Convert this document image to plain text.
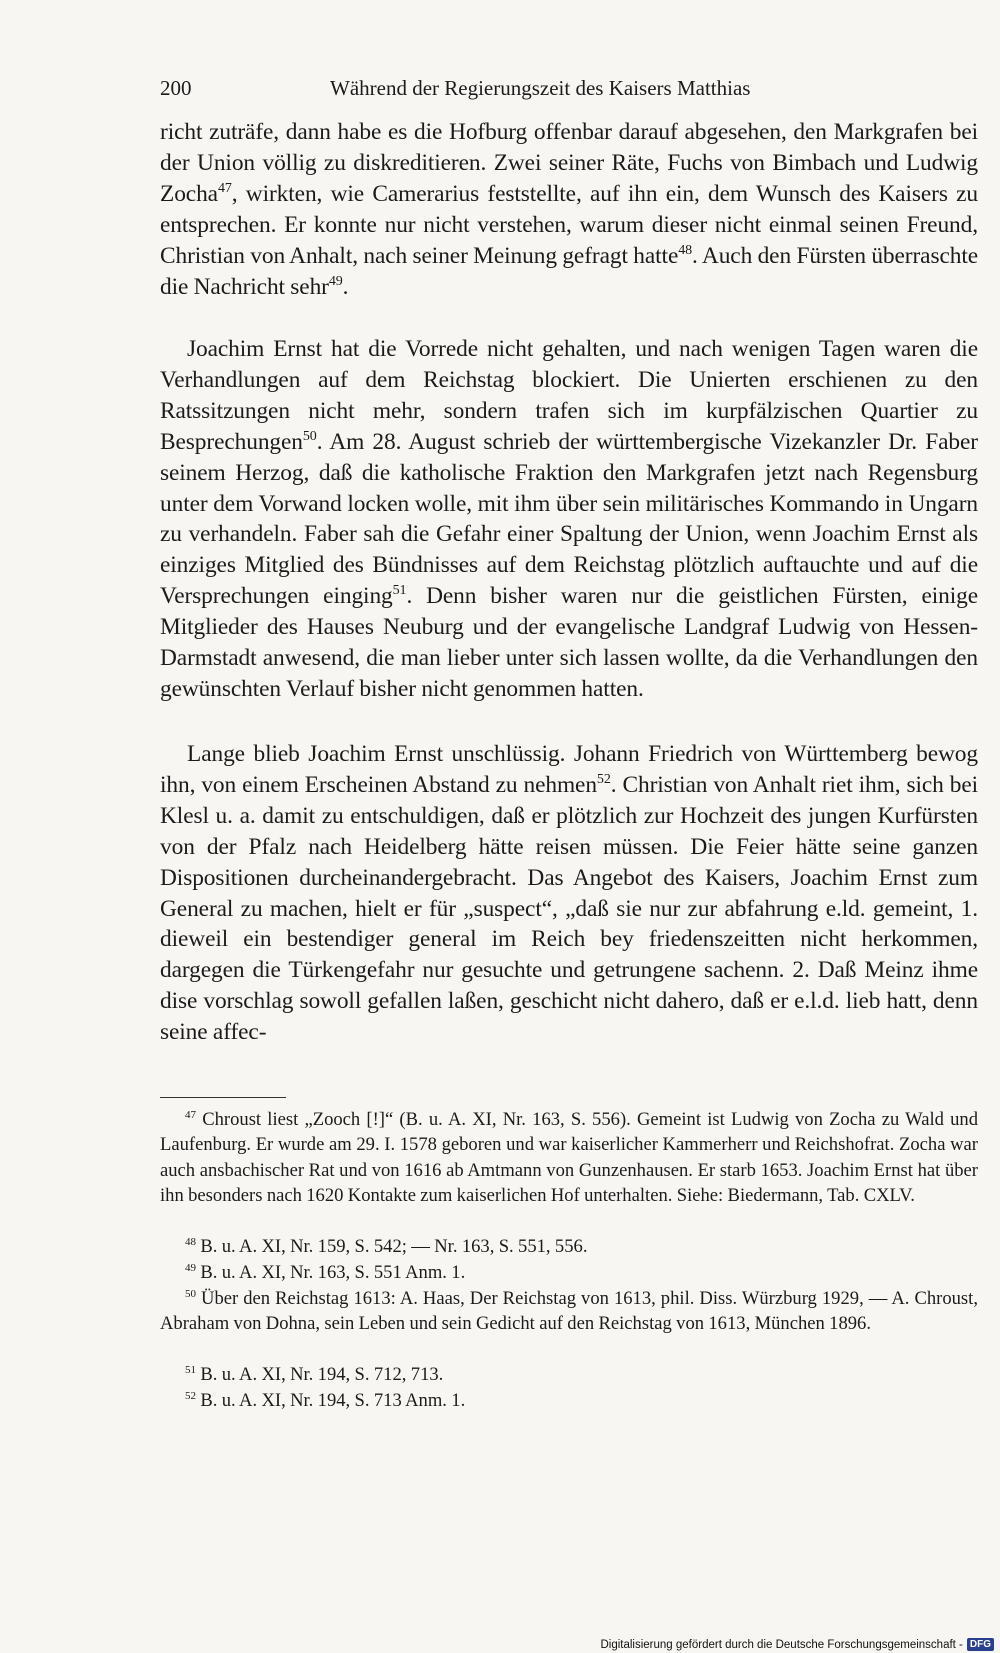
200	Während der Regierungszeit des Kaisers Matthias

richt zuträfe, dann habe es die Hofburg offenbar darauf abgesehen, den Markgrafen bei der Union völlig zu diskreditieren. Zwei seiner Räte, Fuchs von Bimbach und Ludwig Zocha$^{47}$, wirkten, wie Camerarius feststellte, auf ihn ein, dem Wunsch des Kaisers zu entsprechen. Er konnte nur nicht verstehen, warum dieser nicht einmal seinen Freund, Christian von Anhalt, nach seiner Meinung gefragt hatte$^{48}$. Auch den Fürsten überraschte die Nachricht sehr$^{49}$.

Joachim Ernst hat die Vorrede nicht gehalten, und nach wenigen Tagen waren die Verhandlungen auf dem Reichstag blockiert. Die Unierten erschienen zu den Ratssitzungen nicht mehr, sondern trafen sich im kurpfälzischen Quartier zu Besprechungen$^{50}$. Am 28. August schrieb der württembergische Vizekanzler Dr. Faber seinem Herzog, daß die katholische Fraktion den Markgrafen jetzt nach Regensburg unter dem Vorwand locken wolle, mit ihm über sein militärisches Kommando in Ungarn zu verhandeln. Faber sah die Gefahr einer Spaltung der Union, wenn Joachim Ernst als einziges Mitglied des Bündnisses auf dem Reichstag plötzlich auftauchte und auf die Versprechungen einging$^{51}$. Denn bisher waren nur die geistlichen Fürsten, einige Mitglieder des Hauses Neuburg und der evangelische Landgraf Ludwig von Hessen-Darmstadt anwesend, die man lieber unter sich lassen wollte, da die Verhandlungen den gewünschten Verlauf bisher nicht genommen hatten.

Lange blieb Joachim Ernst unschlüssig. Johann Friedrich von Württemberg bewog ihn, von einem Erscheinen Abstand zu nehmen$^{52}$. Christian von Anhalt riet ihm, sich bei Klesl u. a. damit zu entschuldigen, daß er plötzlich zur Hochzeit des jungen Kurfürsten von der Pfalz nach Heidelberg hätte reisen müssen. Die Feier hätte seine ganzen Dispositionen durcheinandergebracht. Das Angebot des Kaisers, Joachim Ernst zum General zu machen, hielt er für „suspect“, „daß sie nur zur abfahrung e.ld. gemeint, 1. dieweil ein bestendiger general im Reich bey friedenszeitten nicht herkommen, dargegen die Türkengefahr nur gesuchte und getrungene sachenn. 2. Daß Meinz ihme dise vorschlag sowoll gefallen laßen, geschicht nicht dahero, daß er e.l.d. lieb hatt, denn seine affec-

$^{47}$ Chroust liest „Zooch [!]“ (B. u. A. XI, Nr. 163, S. 556). Gemeint ist Ludwig von Zocha zu Wald und Laufenburg. Er wurde am 29. I. 1578 geboren und war kaiserlicher Kammerherr und Reichshofrat. Zocha war auch ansbachischer Rat und von 1616 ab Amtmann von Gunzenhausen. Er starb 1653. Joachim Ernst hat über ihn besonders nach 1620 Kontakte zum kaiserlichen Hof unterhalten. Siehe: Biedermann, Tab. CXLV.

$^{48}$ B. u. A. XI, Nr. 159, S. 542; — Nr. 163, S. 551, 556.

$^{49}$ B. u. A. XI, Nr. 163, S. 551 Anm. 1.

$^{50}$ Über den Reichstag 1613: A. Haas, Der Reichstag von 1613, phil. Diss. Würzburg 1929, — A. Chroust, Abraham von Dohna, sein Leben und sein Gedicht auf den Reichstag von 1613, München 1896.

$^{51}$ B. u. A. XI, Nr. 194, S. 712, 713.

$^{52}$ B. u. A. XI, Nr. 194, S. 713 Anm. 1.

Digitalisierung gefördert durch die Deutsche Forschungsgemeinschaft - DFG
